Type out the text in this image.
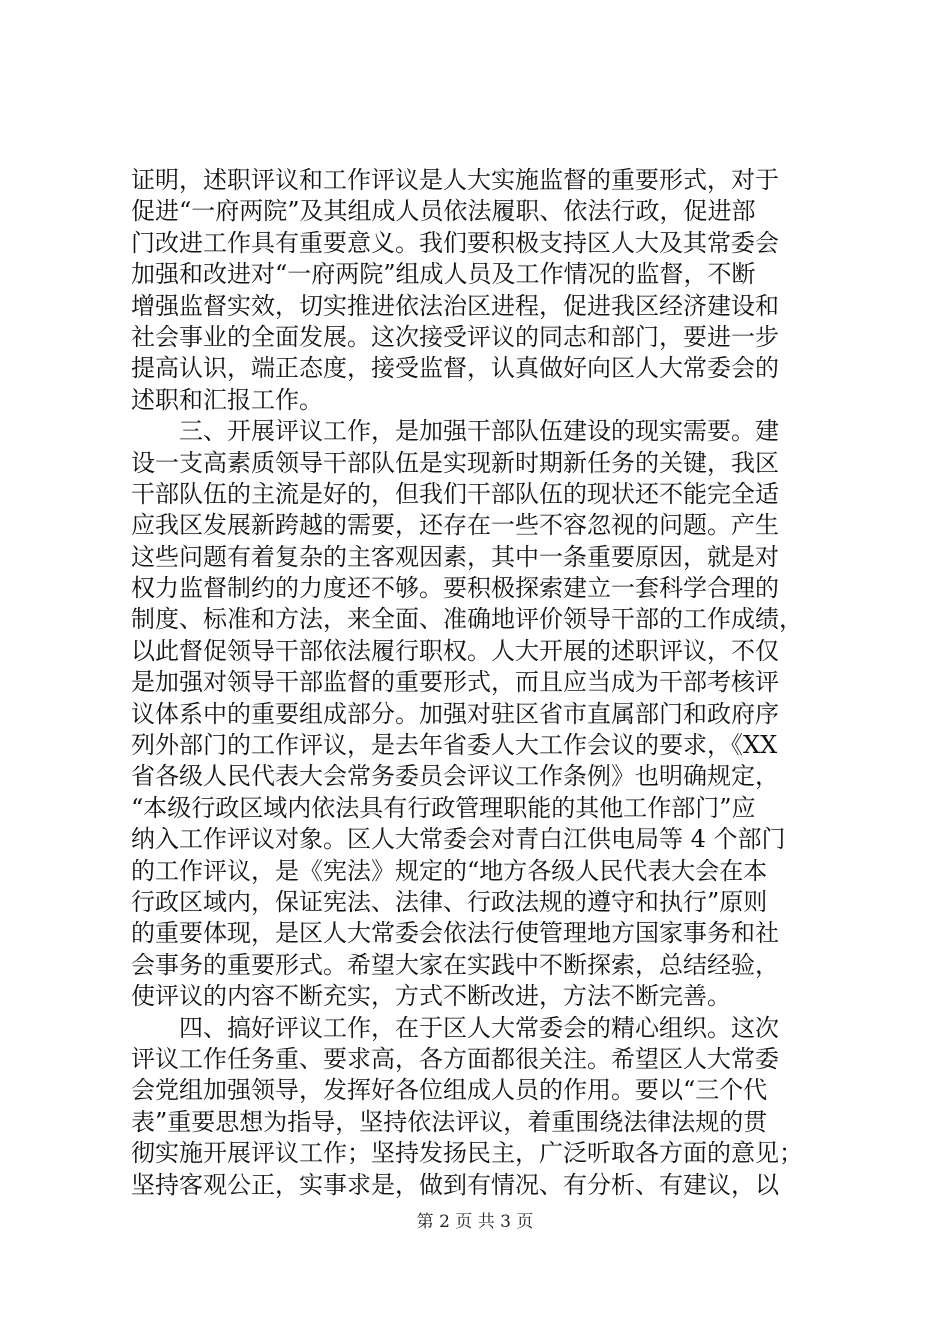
证明，述职评议和工作评议是人大实施监督的重要形式，对于
促进“一府两院”及其组成人员依法履职、依法行政，促进部
门改进工作具有重要意义。我们要积极支持区人大及其常委会
加强和改进对“一府两院”组成人员及工作情况的监督，不断
增强监督实效，切实推进依法治区进程，促进我区经济建设和
社会事业的全面发展。这次接受评议的同志和部门，要进一步
提高认识，端正态度，接受监督，认真做好向区人大常委会的
述职和汇报工作。
　　三、开展评议工作，是加强干部队伍建设的现实需要。建
设一支高素质领导干部队伍是实现新时期新任务的关键，我区
干部队伍的主流是好的，但我们干部队伍的现状还不能完全适
应我区发展新跨越的需要，还存在一些不容忽视的问题。产生
这些问题有着复杂的主客观因素，其中一条重要原因，就是对
权力监督制约的力度还不够。要积极探索建立一套科学合理的
制度、标准和方法，来全面、准确地评价领导干部的工作成绩，
以此督促领导干部依法履行职权。人大开展的述职评议，不仅
是加强对领导干部监督的重要形式，而且应当成为干部考核评
议体系中的重要组成部分。加强对驻区省市直属部门和政府序
列外部门的工作评议，是去年省委人大工作会议的要求，《XX
省各级人民代表大会常务委员会评议工作条例》也明确规定，
“本级行政区域内依法具有行政管理职能的其他工作部门”应
纳入工作评议对象。区人大常委会对青白江供电局等 4 个部门
的工作评议，是《宪法》规定的“地方各级人民代表大会在本
行政区域内，保证宪法、法律、行政法规的遵守和执行”原则
的重要体现，是区人大常委会依法行使管理地方国家事务和社
会事务的重要形式。希望大家在实践中不断探索，总结经验，
使评议的内容不断充实，方式不断改进，方法不断完善。
　　四、搞好评议工作，在于区人大常委会的精心组织。这次
评议工作任务重、要求高，各方面都很关注。希望区人大常委
会党组加强领导，发挥好各位组成人员的作用。要以“三个代
表”重要思想为指导，坚持依法评议，着重围绕法律法规的贯
彻实施开展评议工作；坚持发扬民主，广泛听取各方面的意见；
坚持客观公正，实事求是，做到有情况、有分析、有建议，以
第 2 页 共 3 页
